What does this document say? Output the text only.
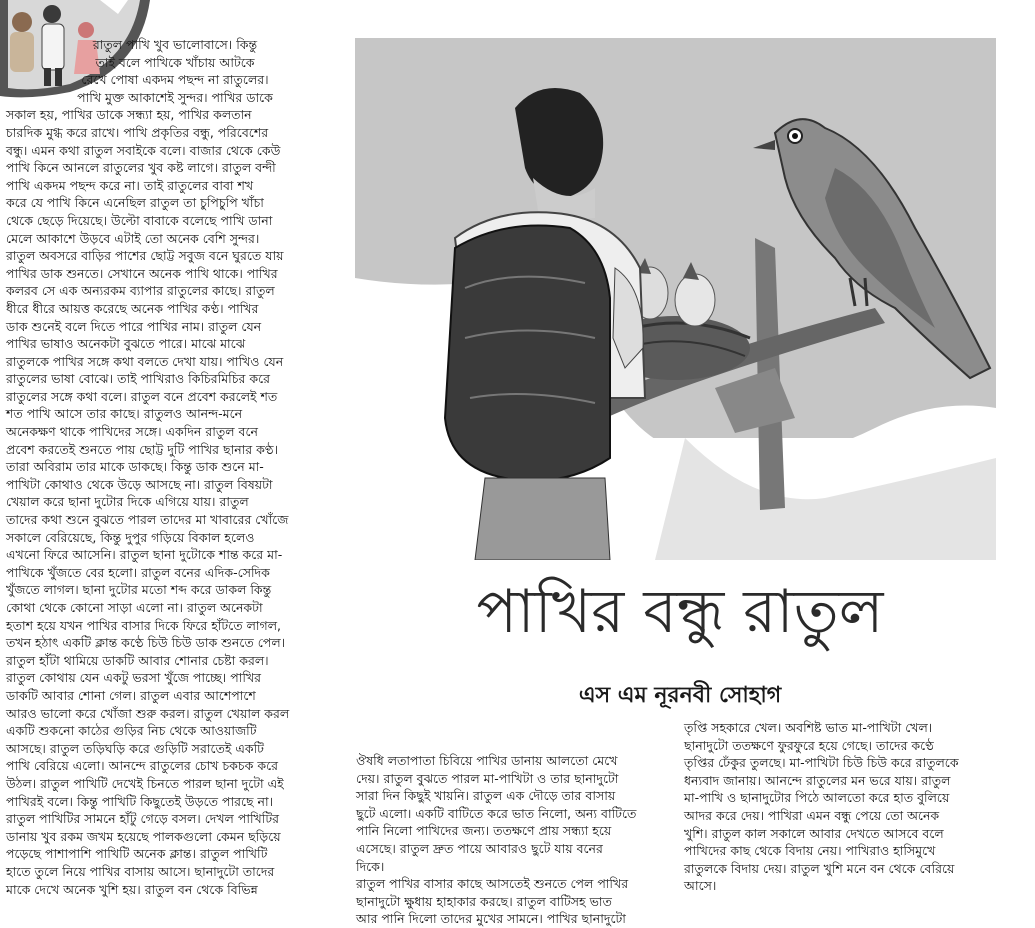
রাতুল পাখি খুব ভালোবাসে। কিন্তু

তাই বলে পাখিকে খাঁচায় আটকে

রেখে পোষা একদম পছন্দ না রাতুলের।

পাখি মুক্ত আকাশেই সুন্দর। পাখির ডাকে

সকাল হয়, পাখির ডাকে সন্ধ্যা হয়, পাখির কলতান

চারদিক মুগ্ধ করে রাখে। পাখি প্রকৃতির বন্ধু, পরিবেশের

বন্ধু। এমন কথা রাতুল সবাইকে বলে। বাজার থেকে কেউ

পাখি কিনে আনলে রাতুলের খুব কষ্ট লাগে। রাতুল বন্দী

পাখি একদম পছন্দ করে না। তাই রাতুলের বাবা শখ

করে যে পাখি কিনে এনেছিল রাতুল তা চুপিচুপি খাঁচা

থেকে ছেড়ে দিয়েছে। উল্টো বাবাকে বলেছে পাখি ডানা

মেলে আকাশে উড়বে এটাই তো অনেক বেশি সুন্দর।

রাতুল অবসরে বাড়ির পাশের ছোট্ট সবুজ বনে ঘুরতে যায়

পাখির ডাক শুনতে। সেখানে অনেক পাখি থাকে। পাখির

কলরব সে এক অন্যরকম ব্যাপার রাতুলের কাছে। রাতুল

ধীরে ধীরে আয়ত্ত করেছে অনেক পাখির কণ্ঠ। পাখির

ডাক শুনেই বলে দিতে পারে পাখির নাম। রাতুল যেন

পাখির ভাষাও অনেকটা বুঝতে পারে। মাঝে মাঝে

রাতুলকে পাখির সঙ্গে কথা বলতে দেখা যায়। পাখিও যেন

রাতুলের ভাষা বোঝে। তাই পাখিরাও কিচিরমিচির করে

রাতুলের সঙ্গে কথা বলে। রাতুল বনে প্রবেশ করলেই শত

শত পাখি আসে তার কাছে। রাতুলও আনন্দ-মনে

অনেকক্ষণ থাকে পাখিদের সঙ্গে। একদিন রাতুল বনে

প্রবেশ করতেই শুনতে পায় ছোট্ট দুটি পাখির ছানার কণ্ঠ।

তারা অবিরাম তার মাকে ডাকছে। কিন্তু ডাক শুনে মা-

পাখিটা কোথাও থেকে উড়ে আসছে না। রাতুল বিষয়টা

খেয়াল করে ছানা দুটোর দিকে এগিয়ে যায়। রাতুল

তাদের কথা শুনে বুঝতে পারল তাদের মা খাবারের খোঁজে

সকালে বেরিয়েছে, কিন্তু দুপুর গড়িয়ে বিকাল হলেও

এখনো ফিরে আসেনি। রাতুল ছানা দুটোকে শান্ত করে মা-

পাখিকে খুঁজতে বের হলো। রাতুল বনের এদিক-সেদিক

খুঁজতে লাগল। ছানা দুটোর মতো শব্দ করে ডাকল কিন্তু

কোথা থেকে কোনো সাড়া এলো না। রাতুল অনেকটা

হতাশ হয়ে যখন পাখির বাসার দিকে ফিরে হাঁটতে লাগল,

তখন হঠাৎ একটি ক্লান্ত কণ্ঠে চিউ চিউ ডাক শুনতে পেল।

রাতুল হাঁটা থামিয়ে ডাকটি আবার শোনার চেষ্টা করল।

রাতুল কোথায় যেন একটু ভরসা খুঁজে পাচ্ছে। পাখির

ডাকটি আবার শোনা গেল। রাতুল এবার আশেপাশে

আরও ভালো করে খোঁজা শুরু করল। রাতুল খেয়াল করল

একটি শুকনো কাঠের গুড়ির নিচ থেকে আওয়াজটি

আসছে। রাতুল তড়িঘড়ি করে গুড়িটি সরাতেই একটি

পাখি বেরিয়ে এলো। আনন্দে রাতুলের চোখ চকচক করে

উঠল। রাতুল পাখিটি দেখেই চিনতে পারল ছানা দুটো এই

পাখিরই বলে। কিন্তু পাখিটি কিছুতেই উড়তে পারছে না।

রাতুল পাখিটির সামনে হাঁটু গেড়ে বসল। দেখল পাখিটির

ডানায় খুব রকম জখম হয়েছে পালকগুলো কেমন ছড়িয়ে

পড়েছে পাশাপাশি পাখিটি অনেক ক্লান্ত। রাতুল পাখিটি

হাতে তুলে নিয়ে পাখির বাসায় আসে। ছানাদুটো তাদের

মাকে দেখে অনেক খুশি হয়। রাতুল বন থেকে বিভিন্ন

পাখির বন্ধু রাতুল
এস এম নূরনবী সোহাগ

ঔষধি লতাপাতা চিবিয়ে পাখির ডানায় আলতো মেখে

দেয়। রাতুল বুঝতে পারল মা-পাখিটা ও তার ছানাদুটো

সারা দিন কিছুই খায়নি। রাতুল এক দৌড়ে তার বাসায়

ছুটে এলো। একটি বাটিতে করে ভাত নিলো, অন্য বাটিতে

পানি নিলো পাখিদের জন্য। ততক্ষণে প্রায় সন্ধ্যা হয়ে

এসেছে। রাতুল দ্রুত পায়ে আবারও ছুটে যায় বনের

দিকে।

রাতুল পাখির বাসার কাছে আসতেই শুনতে পেল পাখির

ছানাদুটো ক্ষুধায় হাহাকার করছে। রাতুল বাটিসহ ভাত

আর পানি দিলো তাদের মুখের সামনে। পাখির ছানাদুটো

তৃপ্তি সহকারে খেল। অবশিষ্ট ভাত মা-পাখিটা খেল।

ছানাদুটো ততক্ষণে ফুরফুরে হয়ে গেছে। তাদের কণ্ঠে

তৃপ্তির ঢেঁকুর তুলছে। মা-পাখিটা চিউ চিউ করে রাতুলকে

ধন্যবাদ জানায়। আনন্দে রাতুলের মন ভরে যায়। রাতুল

মা-পাখি ও ছানাদুটোর পিঠে আলতো করে হাত বুলিয়ে

আদর করে দেয়। পাখিরা এমন বন্ধু পেয়ে তো অনেক

খুশি। রাতুল কাল সকালে আবার দেখতে আসবে বলে

পাখিদের কাছ থেকে বিদায় নেয়। পাখিরাও হাসিমুখে

রাতুলকে বিদায় দেয়। রাতুল খুশি মনে বন থেকে বেরিয়ে

আসে।
